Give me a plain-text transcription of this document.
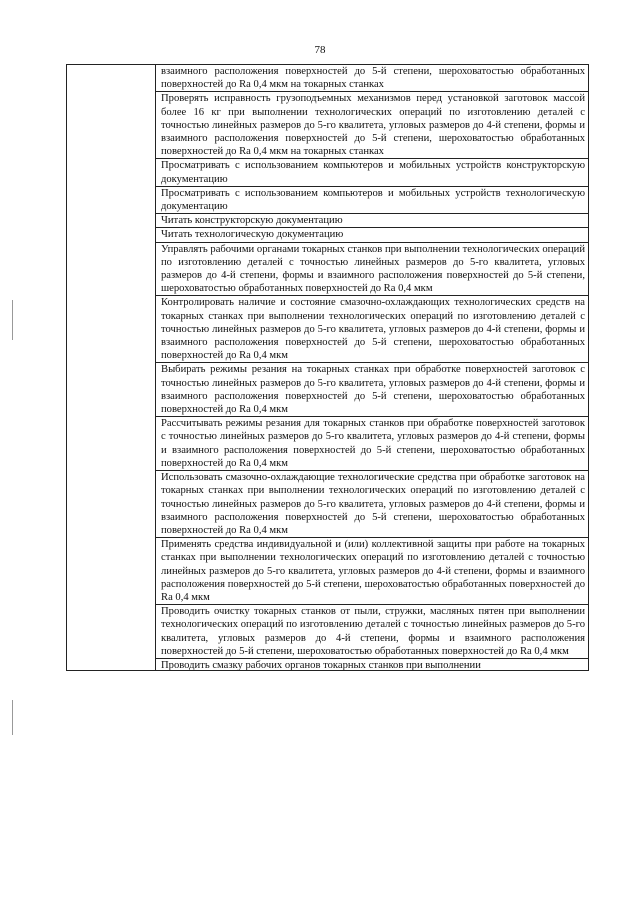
78
	взаимного расположения поверхностей до 5-й степени, шероховатостью обработанных поверхностей до Ra 0,4 мкм на токарных станках
Проверять исправность грузоподъемных механизмов перед установкой заготовок массой более 16 кг при выполнении технологических операций по изготовлению деталей с точностью линейных размеров до 5-го квалитета, угловых размеров до 4-й степени, формы и взаимного расположения поверхностей до 5-й степени, шероховатостью обработанных поверхностей до Ra 0,4 мкм на токарных станках
Просматривать с использованием компьютеров и мобильных устройств конструкторскую документацию
Просматривать с использованием компьютеров и мобильных устройств технологическую документацию
Читать конструкторскую документацию
Читать технологическую документацию
Управлять рабочими органами токарных станков при выполнении технологических операций по изготовлению деталей с точностью линейных размеров до 5-го квалитета, угловых размеров до 4-й степени, формы и взаимного расположения поверхностей до 5-й степени, шероховатостью обработанных поверхностей до Ra 0,4 мкм
Контролировать наличие и состояние смазочно-охлаждающих технологических средств на токарных станках при выполнении технологических операций по изготовлению деталей с точностью линейных размеров до 5-го квалитета, угловых размеров до 4-й степени, формы и взаимного расположения поверхностей до 5-й степени, шероховатостью обработанных поверхностей до Ra 0,4 мкм
Выбирать режимы резания на токарных станках при обработке поверхностей заготовок с точностью линейных размеров до 5-го квалитета, угловых размеров до 4-й степени, формы и взаимного расположения поверхностей до 5-й степени, шероховатостью обработанных поверхностей до Ra 0,4 мкм
Рассчитывать режимы резания для токарных станков при обработке поверхностей заготовок с точностью линейных размеров до 5-го квалитета, угловых размеров до 4-й степени, формы и взаимного расположения поверхностей до 5-й степени, шероховатостью обработанных поверхностей до Ra 0,4 мкм
Использовать смазочно-охлаждающие технологические средства при обработке заготовок на токарных станках при выполнении технологических операций по изготовлению деталей с точностью линейных размеров до 5-го квалитета, угловых размеров до 4-й степени, формы и взаимного расположения поверхностей до 5-й степени, шероховатостью обработанных поверхностей до Ra 0,4 мкм
Применять средства индивидуальной и (или) коллективной защиты при работе на токарных станках при выполнении технологических операций по изготовлению деталей с точностью линейных размеров до 5-го квалитета, угловых размеров до 4-й степени, формы и взаимного расположения поверхностей до 5-й степени, шероховатостью обработанных поверхностей до Ra 0,4 мкм
Проводить очистку токарных станков от пыли, стружки, масляных пятен при выполнении технологических операций по изготовлению деталей с точностью линейных размеров до 5-го квалитета, угловых размеров до 4-й степени, формы и взаимного расположения поверхностей до 5-й степени, шероховатостью обработанных поверхностей до Ra 0,4 мкм

Проводить смазку рабочих органов токарных станков при выполнении
